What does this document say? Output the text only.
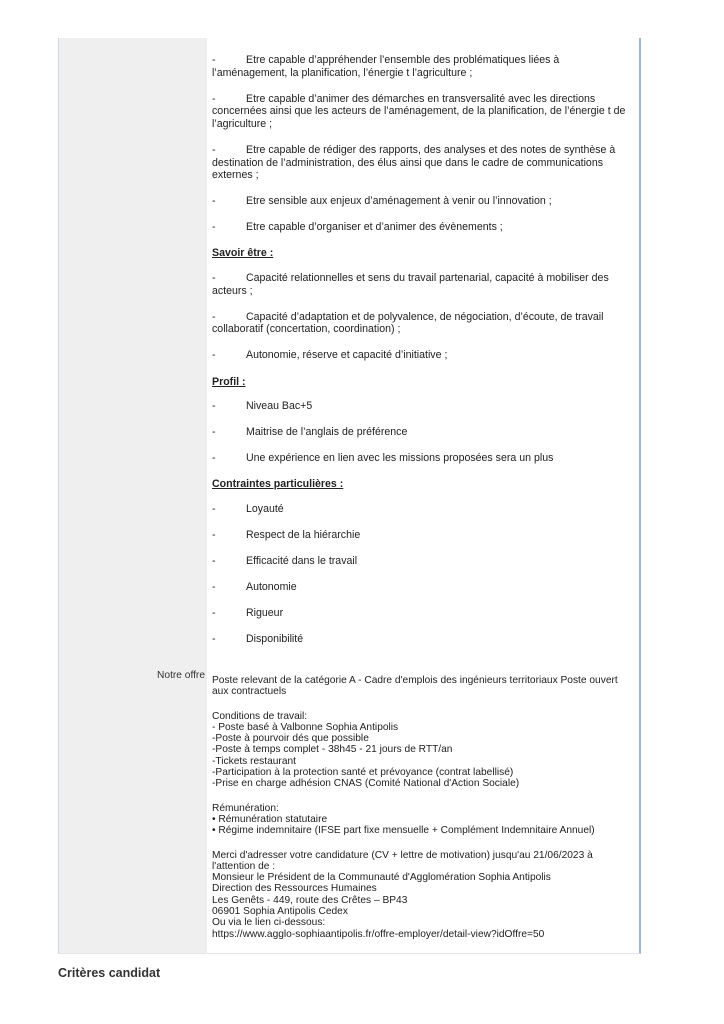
-	Etre capable d’appréhender l’ensemble des problématiques liées à l’aménagement, la planification, l’énergie t l’agriculture ;
-	Etre capable d’animer des démarches en transversalité avec les directions concernées ainsi que les acteurs de l’aménagement, de la planification, de l’énergie t de l’agriculture ;
-	Etre capable de rédiger des rapports, des analyses et des notes de synthèse à destination de l’administration, des élus ainsi que dans le cadre de communications externes ;
-	Etre sensible aux enjeux d’aménagement à venir ou l’innovation ;
-	Etre capable d’organiser et d’animer des évènements ;
Savoir être :
-	Capacité relationnelles et sens du travail partenarial, capacité à mobiliser des acteurs ;
-	Capacité d’adaptation et de polyvalence, de négociation, d’écoute, de travail collaboratif (concertation, coordination) ;
-	Autonomie, réserve et capacité d’initiative ;
Profil :
-	Niveau Bac+5
-	Maitrise de l’anglais de préférence
-	Une expérience en lien avec les missions proposées sera un plus
Contraintes particulières :
-	Loyauté
-	Respect de la hiérarchie
-	Efficacité dans le travail
-	Autonomie
-	Rigueur
-	Disponibilité
Notre offre Poste relevant de la catégorie A - Cadre d'emplois des ingénieurs territoriaux Poste ouvert aux contractuels
Conditions de travail:
- Poste basé à Valbonne Sophia Antipolis
-Poste à pourvoir dés que possible
-Poste à temps complet - 38h45 - 21 jours de RTT/an
-Tickets restaurant
-Participation à la protection santé et prévoyance (contrat labellisé)
-Prise en charge adhésion CNAS (Comité National d'Action Sociale)
Rémunération:
• Rémunération statutaire
• Régime indemnitaire (IFSE part fixe mensuelle + Complément Indemnitaire Annuel)
Merci d'adresser votre candidature (CV + lettre de motivation) jusqu'au 21/06/2023 à l'attention de :
Monsieur le Président de la Communauté d'Agglomération Sophia Antipolis
Direction des Ressources Humaines
Les Genêts - 449, route des Crêtes – BP43
06901 Sophia Antipolis Cedex
Ou via le lien ci-dessous:
https://www.agglo-sophiaantipolis.fr/offre-employer/detail-view?idOffre=50
Critères candidat
